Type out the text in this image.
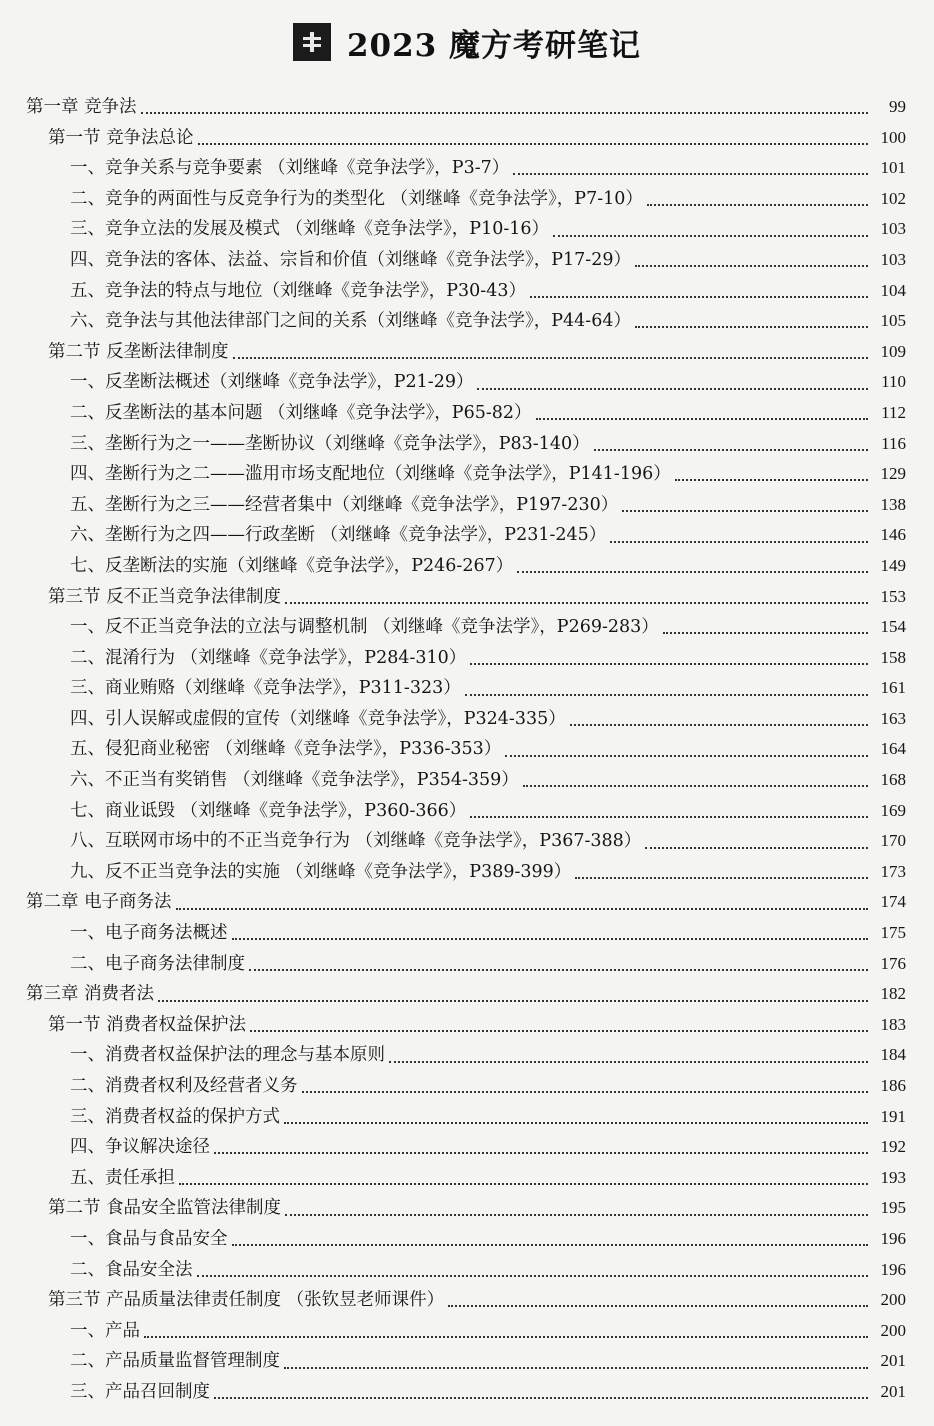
2023 魔方考研笔记
第一章 竞争法	99
第一节 竞争法总论	100
一、竞争关系与竞争要素 （刘继峰《竞争法学》，P3-7）	101
二、竞争的两面性与反竞争行为的类型化 （刘继峰《竞争法学》，P7-10）	102
三、竞争立法的发展及模式 （刘继峰《竞争法学》，P10-16）	103
四、竞争法的客体、法益、宗旨和价值（刘继峰《竞争法学》，P17-29）	103
五、竞争法的特点与地位（刘继峰《竞争法学》，P30-43）	104
六、竞争法与其他法律部门之间的关系（刘继峰《竞争法学》，P44-64）	105
第二节 反垄断法律制度	109
一、反垄断法概述（刘继峰《竞争法学》，P21-29）	110
二、反垄断法的基本问题 （刘继峰《竞争法学》，P65-82）	112
三、垄断行为之一——垄断协议（刘继峰《竞争法学》，P83-140）	116
四、垄断行为之二——滥用市场支配地位（刘继峰《竞争法学》，P141-196）	129
五、垄断行为之三——经营者集中（刘继峰《竞争法学》，P197-230）	138
六、垄断行为之四——行政垄断 （刘继峰《竞争法学》，P231-245）	146
七、反垄断法的实施（刘继峰《竞争法学》，P246-267）	149
第三节 反不正当竞争法律制度	153
一、反不正当竞争法的立法与调整机制 （刘继峰《竞争法学》，P269-283）	154
二、混淆行为 （刘继峰《竞争法学》，P284-310）	158
三、商业贿赂（刘继峰《竞争法学》，P311-323）	161
四、引人误解或虚假的宣传（刘继峰《竞争法学》，P324-335）	163
五、侵犯商业秘密 （刘继峰《竞争法学》，P336-353）	164
六、不正当有奖销售 （刘继峰《竞争法学》，P354-359）	168
七、商业诋毁 （刘继峰《竞争法学》，P360-366）	169
八、互联网市场中的不正当竞争行为 （刘继峰《竞争法学》，P367-388）	170
九、反不正当竞争法的实施 （刘继峰《竞争法学》，P389-399）	173
第二章 电子商务法	174
一、电子商务法概述	175
二、电子商务法律制度	176
第三章 消费者法	182
第一节 消费者权益保护法	183
一、消费者权益保护法的理念与基本原则	184
二、消费者权利及经营者义务	186
三、消费者权益的保护方式	191
四、争议解决途径	192
五、责任承担	193
第二节 食品安全监管法律制度	195
一、食品与食品安全	196
二、食品安全法	196
第三节 产品质量法律责任制度 （张钦昱老师课件）	200
一、产品	200
二、产品质量监督管理制度	201
三、产品召回制度	201
